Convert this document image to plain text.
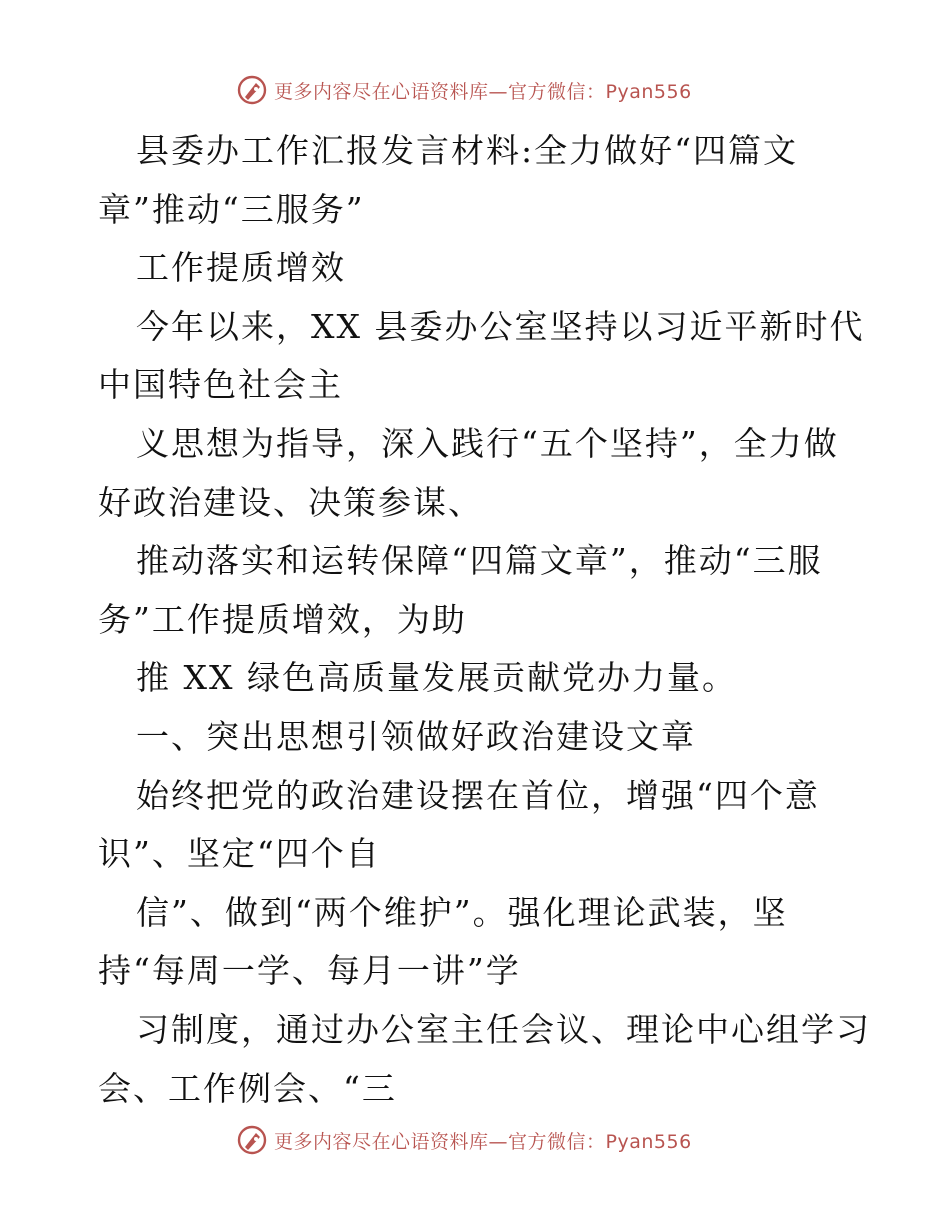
更多内容尽在心语资料库—官方微信：Pyan556
县委办工作汇报发言材料:全力做好“四篇文
章”推动“三服务”
工作提质增效
今年以来，XX 县委办公室坚持以习近平新时代
中国特色社会主
义思想为指导，深入践行“五个坚持”，全力做
好政治建设、决策参谋、
推动落实和运转保障“四篇文章”，推动“三服
务”工作提质增效，为助
推 XX 绿色高质量发展贡献党办力量。
一、突出思想引领做好政治建设文章
始终把党的政治建设摆在首位，增强“四个意
识”、坚定“四个自
信”、做到“两个维护”。强化理论武装，坚
持“每周一学、每月一讲”学
习制度，通过办公室主任会议、理论中心组学习
会、工作例会、“三
更多内容尽在心语资料库—官方微信：Pyan556
